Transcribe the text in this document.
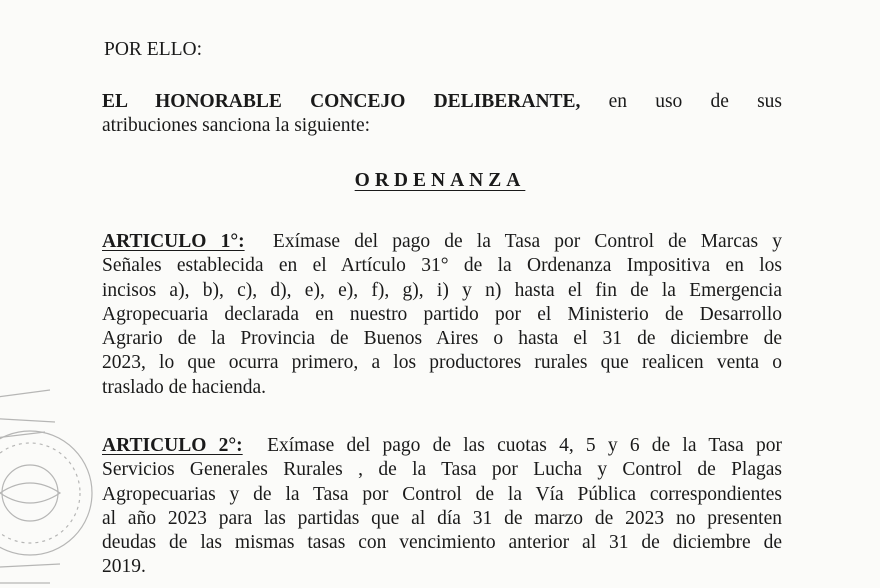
POR ELLO:
EL HONORABLE CONCEJO DELIBERANTE, en uso de sus
atribuciones sanciona la siguiente:
ORDENANZA
ARTICULO 1°: Exímase del pago de la Tasa por Control de Marcas y
Señales establecida en el Artículo 31° de la Ordenanza Impositiva en los
incisos a), b), c), d), e), e), f), g), i) y n) hasta el fin de la Emergencia
Agropecuaria declarada en nuestro partido por el Ministerio de Desarrollo
Agrario de la Provincia de Buenos Aires o hasta el 31 de diciembre de
2023, lo que ocurra primero, a los productores rurales que realicen venta o
traslado de hacienda.
ARTICULO 2°: Exímase del pago de las cuotas 4, 5 y 6 de la Tasa por
Servicios Generales Rurales , de la Tasa por Lucha y Control de Plagas
Agropecuarias y de la Tasa por Control de la Vía Pública correspondientes
al año 2023 para las partidas que al día 31 de marzo de 2023 no presenten
deudas de las mismas tasas con vencimiento anterior al 31 de diciembre de
2019.
